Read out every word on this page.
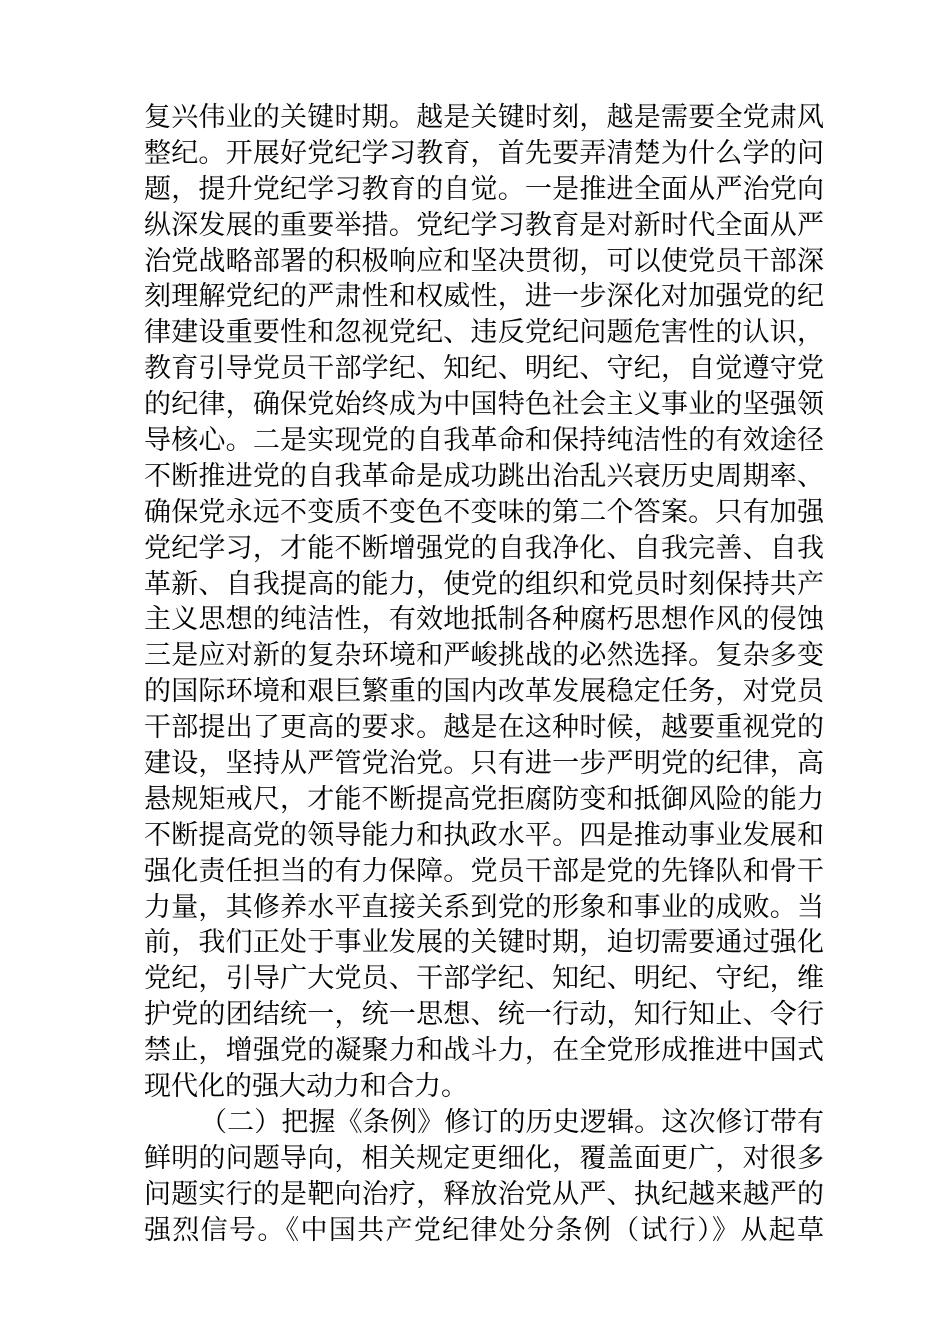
复兴伟业的关键时期。越是关键时刻，越是需要全党肃风
整纪。开展好党纪学习教育，首先要弄清楚为什么学的问
题，提升党纪学习教育的自觉。一是推进全面从严治党向
纵深发展的重要举措。党纪学习教育是对新时代全面从严
治党战略部署的积极响应和坚决贯彻，可以使党员干部深
刻理解党纪的严肃性和权威性，进一步深化对加强党的纪
律建设重要性和忽视党纪、违反党纪问题危害性的认识，
教育引导党员干部学纪、知纪、明纪、守纪，自觉遵守党
的纪律，确保党始终成为中国特色社会主义事业的坚强领
导核心。二是实现党的自我革命和保持纯洁性的有效途径
不断推进党的自我革命是成功跳出治乱兴衰历史周期率、
确保党永远不变质不变色不变味的第二个答案。只有加强
党纪学习，才能不断增强党的自我净化、自我完善、自我
革新、自我提高的能力，使党的组织和党员时刻保持共产
主义思想的纯洁性，有效地抵制各种腐朽思想作风的侵蚀
三是应对新的复杂环境和严峻挑战的必然选择。复杂多变
的国际环境和艰巨繁重的国内改革发展稳定任务，对党员
干部提出了更高的要求。越是在这种时候，越要重视党的
建设，坚持从严管党治党。只有进一步严明党的纪律，高
悬规矩戒尺，才能不断提高党拒腐防变和抵御风险的能力
不断提高党的领导能力和执政水平。四是推动事业发展和
强化责任担当的有力保障。党员干部是党的先锋队和骨干
力量，其修养水平直接关系到党的形象和事业的成败。当
前，我们正处于事业发展的关键时期，迫切需要通过强化
党纪，引导广大党员、干部学纪、知纪、明纪、守纪，维
护党的团结统一，统一思想、统一行动，知行知止、令行
禁止，增强党的凝聚力和战斗力，在全党形成推进中国式
现代化的强大动力和合力。
（二）把握《条例》修订的历史逻辑。这次修订带有
鲜明的问题导向，相关规定更细化，覆盖面更广，对很多
问题实行的是靶向治疗，释放治党从严、执纪越来越严的
强烈信号。《中国共产党纪律处分条例（试行）》从起草
